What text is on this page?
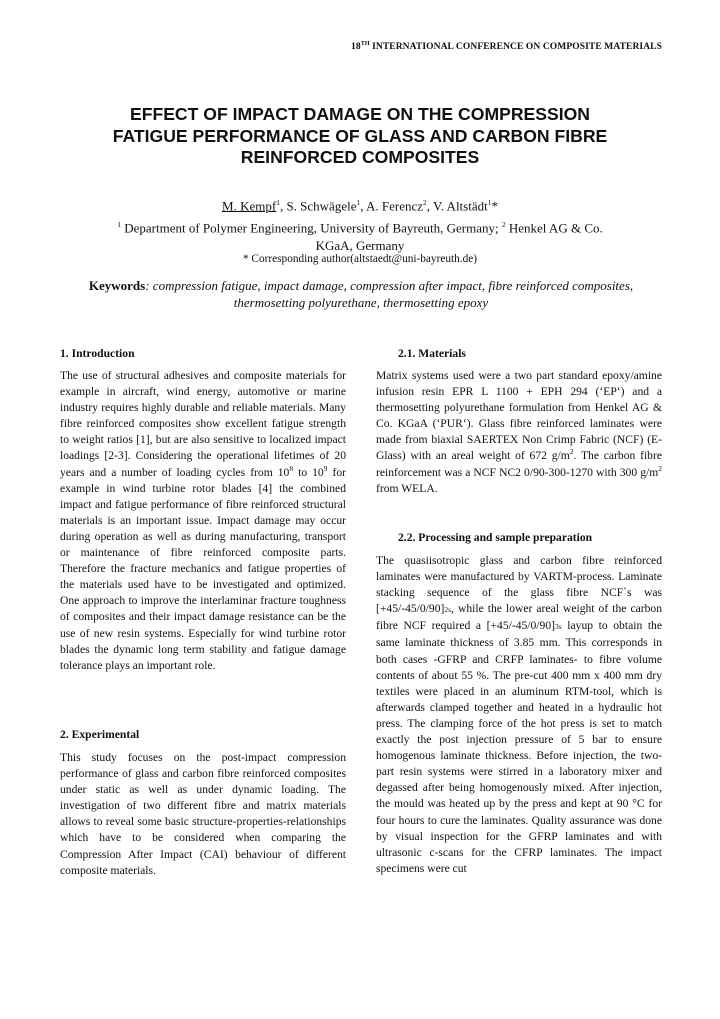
18TH INTERNATIONAL CONFERENCE ON COMPOSITE MATERIALS
EFFECT OF IMPACT DAMAGE ON THE COMPRESSION
FATIGUE PERFORMANCE OF GLASS AND CARBON FIBRE
REINFORCED COMPOSITES
M. Kempf$^1$, S. Schwägele$^1$, A. Ferencz$^2$, V. Altstädt$^1$*
$^1$ Department of Polymer Engineering, University of Bayreuth, Germany; $^2$ Henkel AG & Co.
KGaA, Germany
* Corresponding author(altstaedt@uni-bayreuth.de)
Keywords: compression fatigue, impact damage, compression after impact, fibre reinforced composites, thermosetting polyurethane, thermosetting epoxy
1. Introduction

The use of structural adhesives and composite materials for example in aircraft, wind energy, automotive or marine industry requires highly durable and reliable materials. Many fibre reinforced composites show excellent fatigue strength to weight ratios [1], but are also sensitive to localized impact loadings [2-3]. Considering the operational lifetimes of 20 years and a number of loading cycles from $10^8$ to $10^9$ for example in wind turbine rotor blades [4] the combined impact and fatigue performance of fibre reinforced structural materials is an important issue. Impact damage may occur during operation as well as during manufacturing, transport or maintenance of fibre reinforced composite parts. Therefore the fracture mechanics and fatigue properties of the materials used have to be investigated and optimized. One approach to improve the interlaminar fracture toughness of composites and their impact damage resistance can be the use of new resin systems. Especially for wind turbine rotor blades the dynamic long term stability and fatigue damage tolerance plays an important role.

2. Experimental

This study focuses on the post-impact compression performance of glass and carbon fibre reinforced composites under static as well as under dynamic loading. The investigation of two different fibre and matrix materials allows to reveal some basic structure-properties-relationships which have to be considered when comparing the Compression After Impact (CAI) behaviour of different composite materials.

2.1. Materials

Matrix systems used were a two part standard epoxy/amine infusion resin EPR L 1100 + EPH 294 (‘EP‘) and a thermosetting polyurethane formulation from Henkel AG & Co. KGaA (‘PUR‘). Glass fibre reinforced laminates were made from biaxial SAERTEX Non Crimp Fabric (NCF) (E-Glass) with an areal weight of 672 $g/m^2$. The carbon fibre reinforcement was a NCF NC2 0/90-300-1270 with 300 $g/m^2$ from WELA.

2.2. Processing and sample preparation

The quasiisotropic glass and carbon fibre reinforced laminates were manufactured by VARTM-process. Laminate stacking sequence of the glass fibre NCF`s was [+45/-45/0/90]2s, while the lower areal weight of the carbon fibre NCF required a [+45/-45/0/90]3s layup to obtain the same laminate thickness of 3.85 mm. This corresponds in both cases -GFRP and CRFP laminates- to fibre volume contents of about 55 %. The pre-cut 400 mm x 400 mm dry textiles were placed in an aluminum RTM-tool, which is afterwards clamped together and heated in a hydraulic hot press. The clamping force of the hot press is set to match exactly the post injection pressure of 5 bar to ensure homogenous laminate thickness. Before injection, the two-part resin systems were stirred in a laboratory mixer and degassed after being homogenously mixed. After injection, the mould was heated up by the press and kept at 90 °C for four hours to cure the laminates. Quality assurance was done by visual inspection for the GFRP laminates and with ultrasonic c-scans for the CFRP laminates. The impact specimens were cut
